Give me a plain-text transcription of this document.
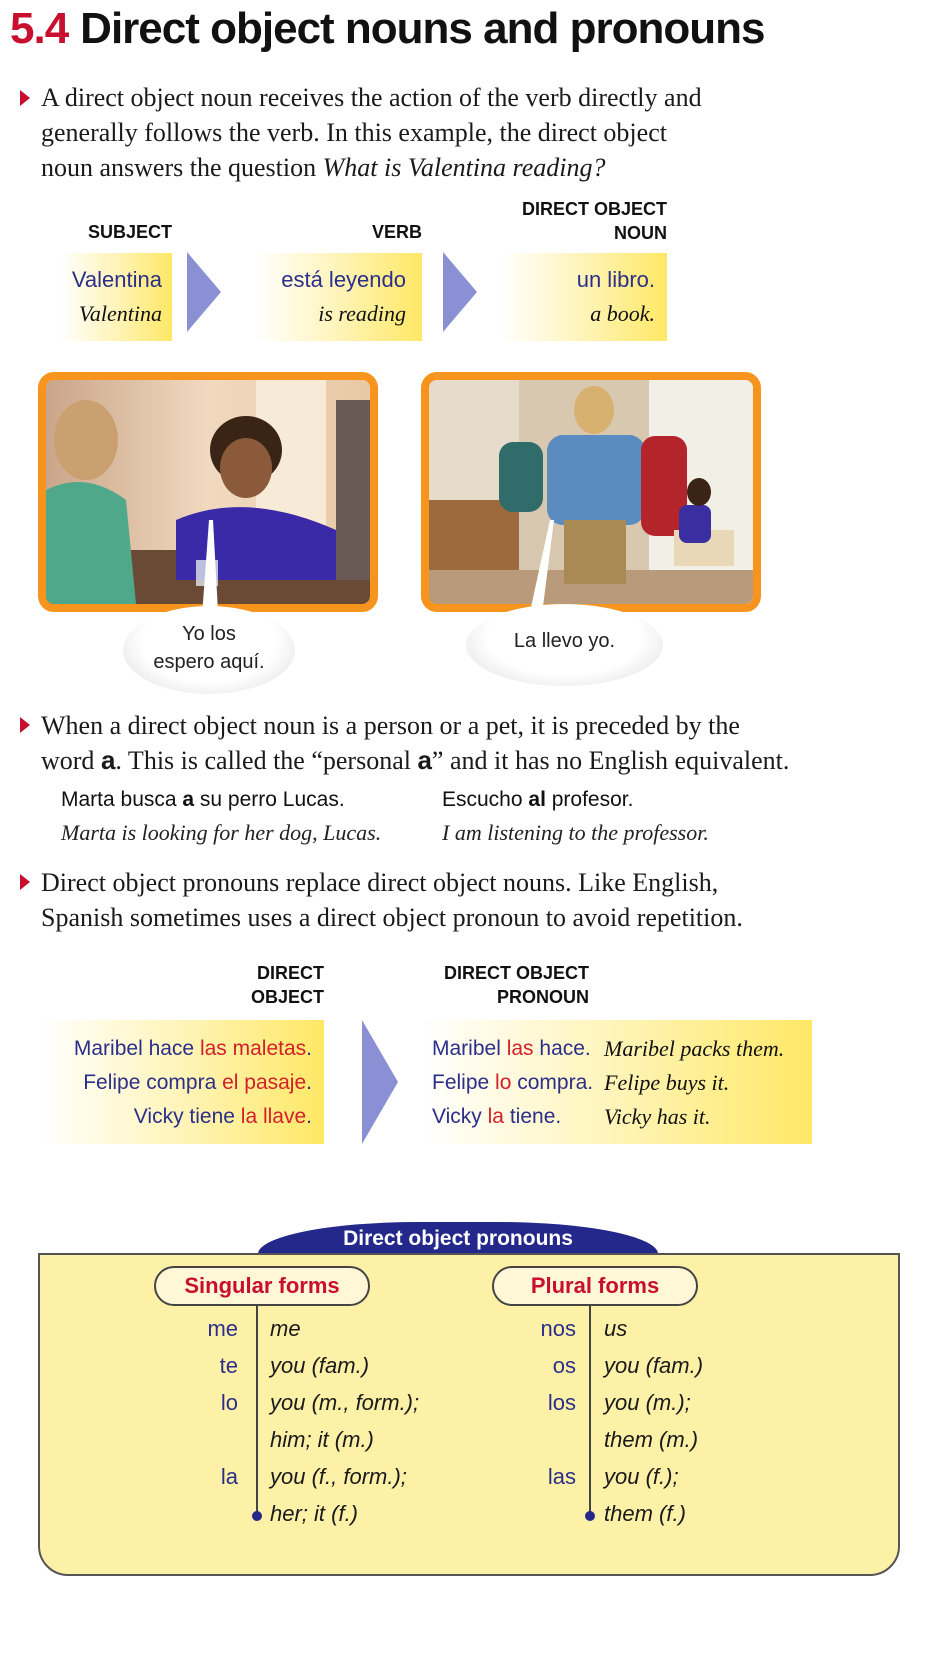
5.4 Direct object nouns and pronouns
A direct object noun receives the action of the verb directly and
generally follows the verb. In this example, the direct object
noun answers the question What is Valentina reading?
SUBJECT	VERB
DIRECT OBJECT
NOUN
Valentina
Valentina
está leyendo
is reading
un libro.
a book.
Yo los
espero aquí.
La llevo yo.
When a direct object noun is a person or a pet, it is preceded by the
word a. This is called the “personal a” and it has no English equivalent.
Marta busca a su perro Lucas.
Marta is looking for her dog, Lucas.
Escucho al profesor.
I am listening to the professor.
Direct object pronouns replace direct object nouns. Like English,
Spanish sometimes uses a direct object pronoun to avoid repetition.
DIRECT
OBJECT
DIRECT OBJECT
PRONOUN
Maribel hace las maletas.
Felipe compra el pasaje.
Vicky tiene la llave.
Maribel las hace.
Felipe lo compra.
Vicky la tiene.
Maribel packs them.
Felipe buys it.
Vicky has it.
Direct object pronouns
Singular forms	Plural forms
me
te
lo

la

me
you (fam.)
you (m., form.);
him; it (m.)
you (f., form.);
her; it (f.)
nos
os
los

las

us
you (fam.)
you (m.);
them (m.)
you (f.);
them (f.)
